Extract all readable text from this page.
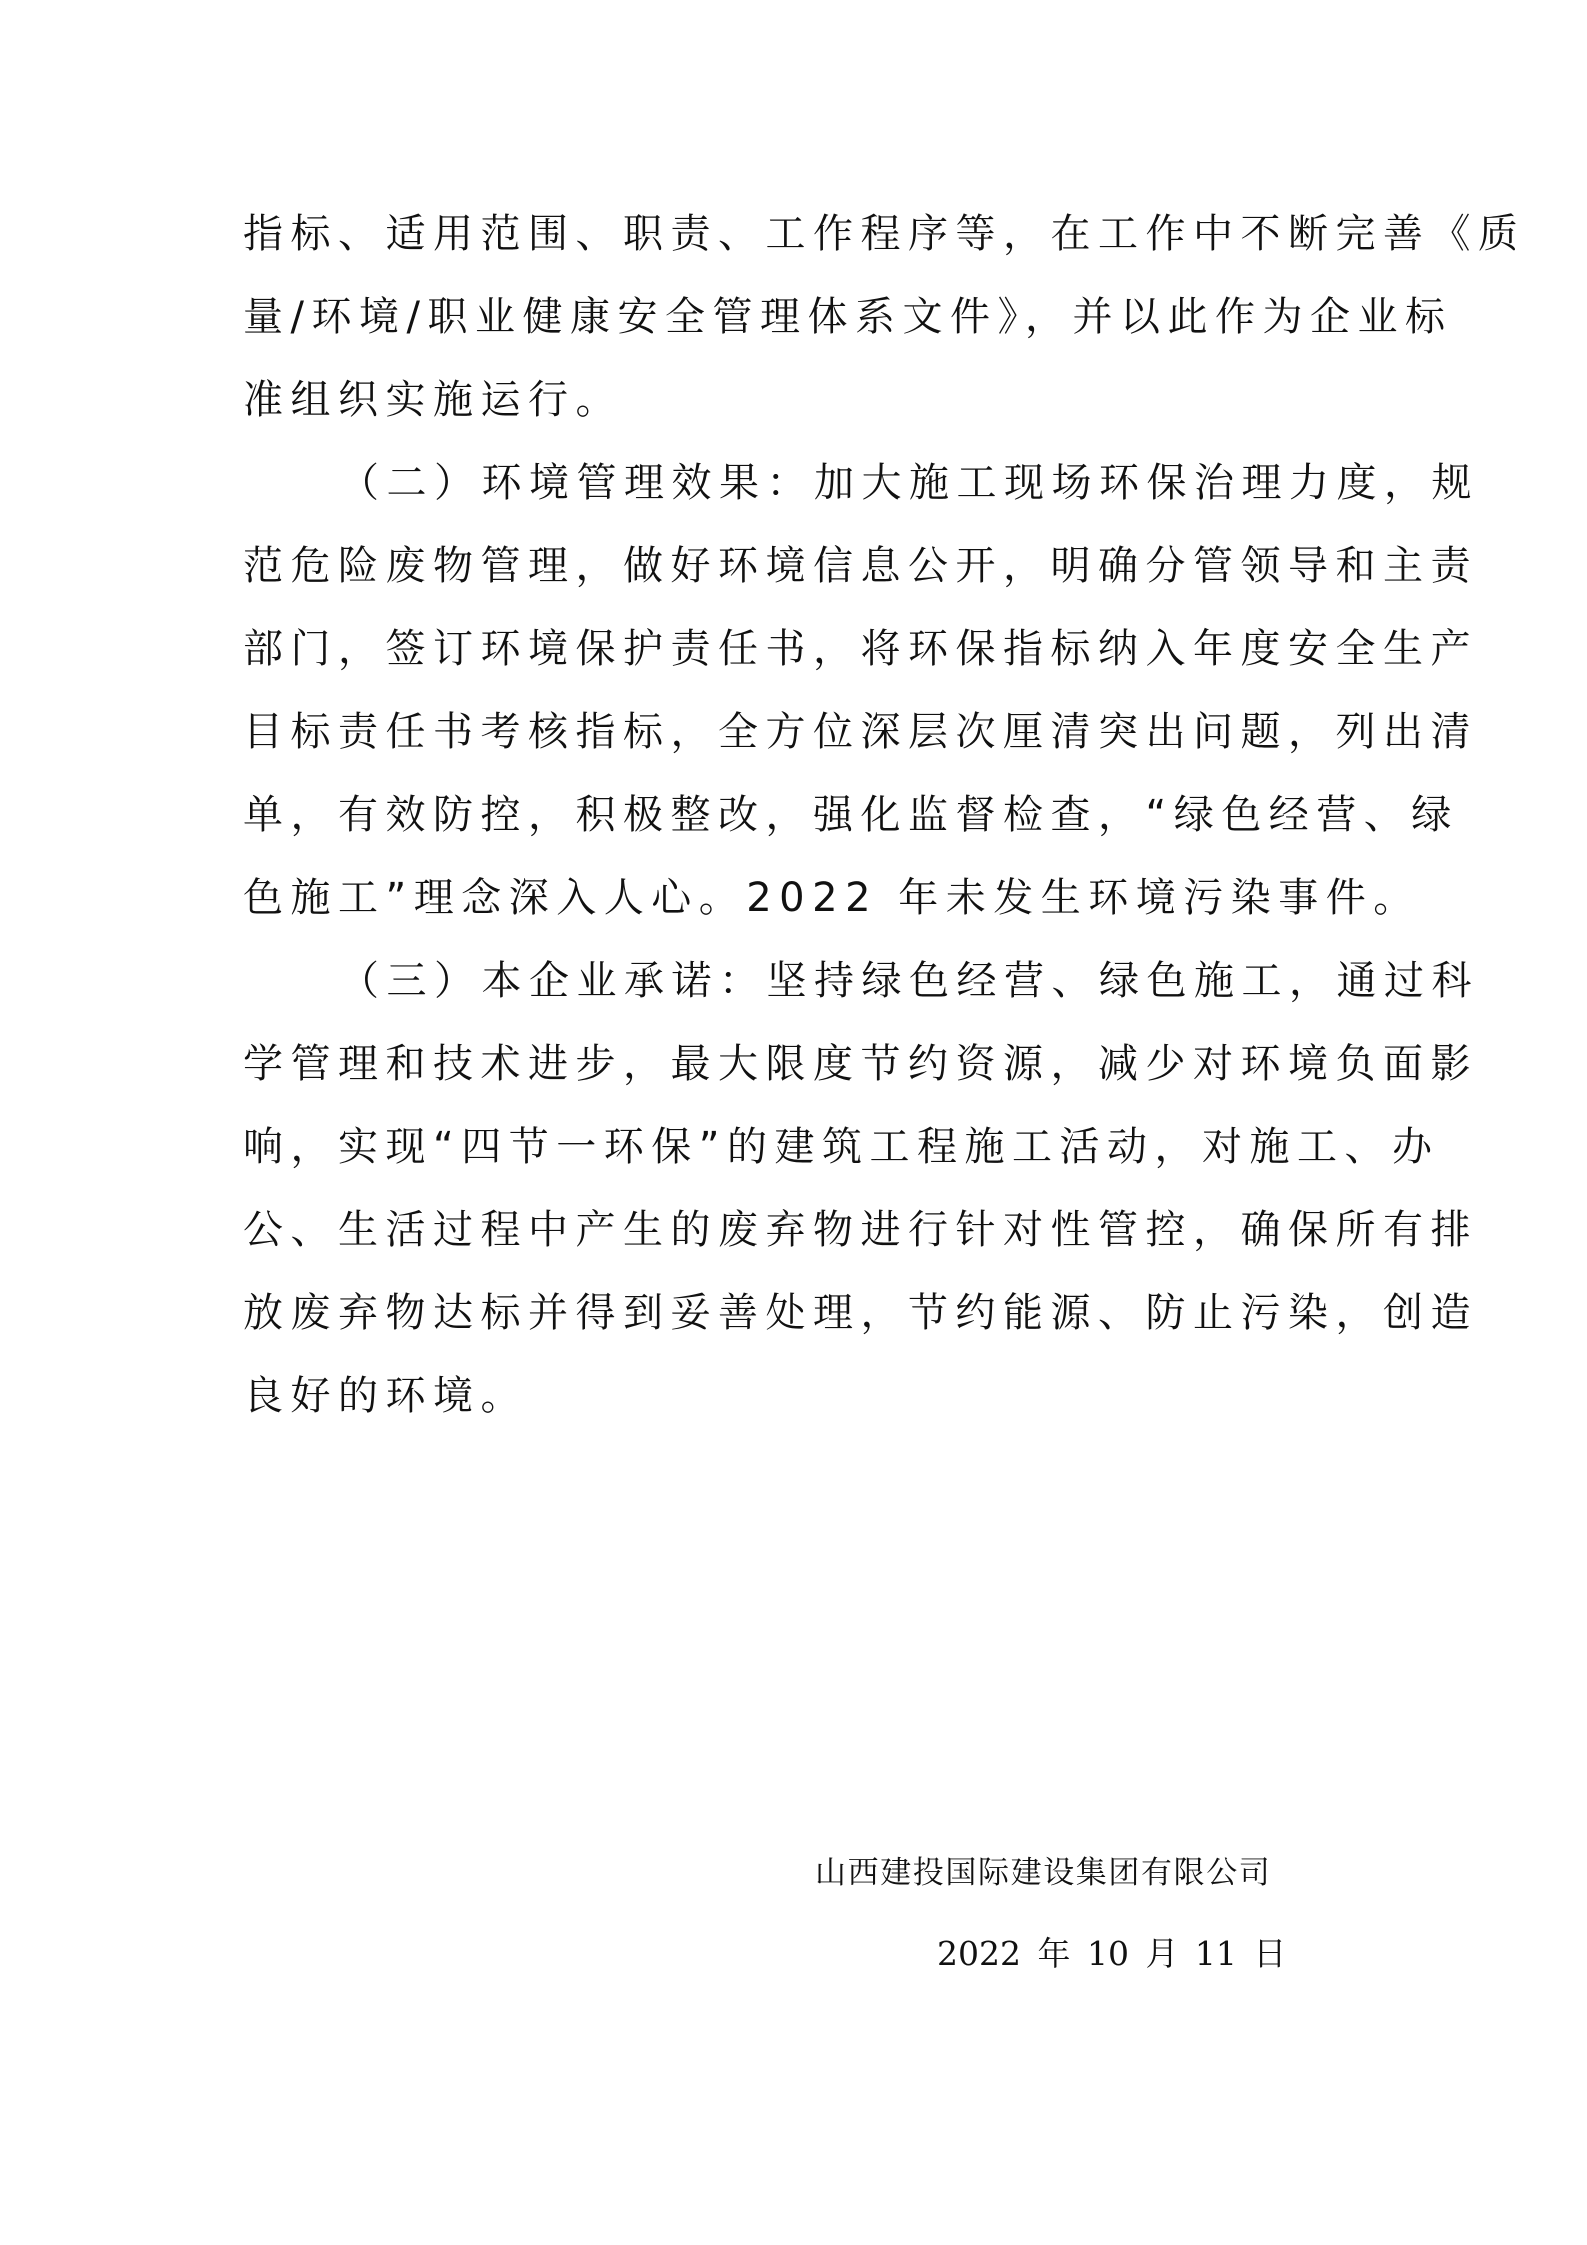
指标、适用范围、职责、工作程序等，在工作中不断完善《质
量/环境/职业健康安全管理体系文件》，并以此作为企业标
准组织实施运行。
（二）环境管理效果：加大施工现场环保治理力度，规
范危险废物管理，做好环境信息公开，明确分管领导和主责
部门，签订环境保护责任书，将环保指标纳入年度安全生产
目标责任书考核指标，全方位深层次厘清突出问题，列出清
单，有效防控，积极整改，强化监督检查，“绿色经营、绿
色施工”理念深入人心。2022 年未发生环境污染事件。
（三）本企业承诺：坚持绿色经营、绿色施工，通过科
学管理和技术进步，最大限度节约资源，减少对环境负面影
响，实现“四节一环保”的建筑工程施工活动，对施工、办
公、生活过程中产生的废弃物进行针对性管控，确保所有排
放废弃物达标并得到妥善处理，节约能源、防止污染，创造
良好的环境。
山西建投国际建设集团有限公司
2022 年 10 月 11 日
